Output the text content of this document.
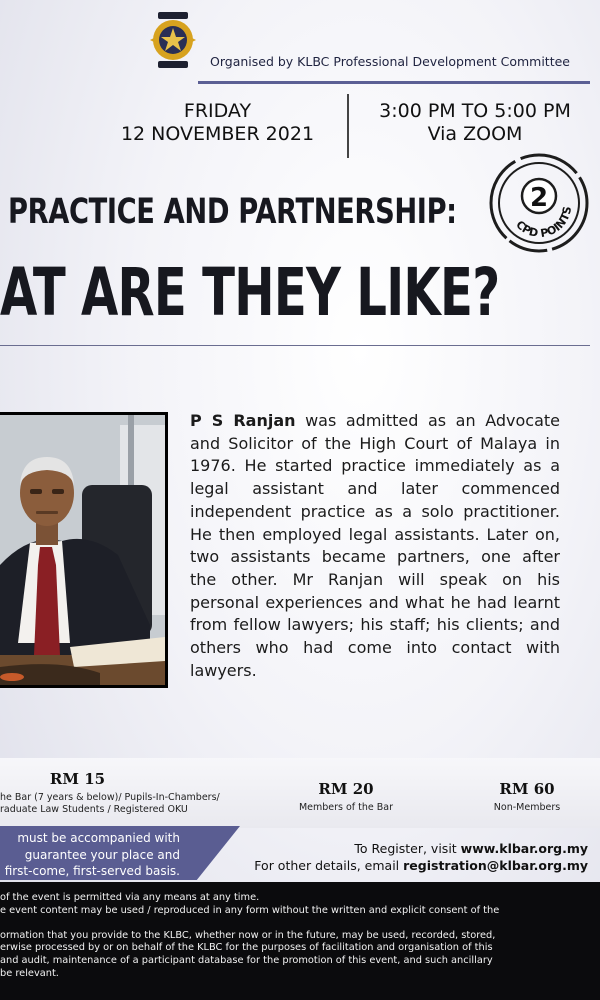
Organised by KLBC Professional Development Committee
FRIDAY
12 NOVEMBER 2021
3:00 PM TO 5:00 PM
Via ZOOM
2
CPD POINTS
PRACTICE AND PARTNERSHIP:
AT ARE THEY LIKE?
P S Ranjan was admitted as an Advocate and Solicitor of the High Court of Malaya in 1976. He started practice immediately as a legal assistant and later commenced independent practice as a solo practitioner. He then employed legal assistants. Later on, two assistants became partners, one after the other. Mr Ranjan will speak on his personal experiences and what he had learnt from fellow lawyers; his staff; his clients; and others who had come into contact with lawyers.
RM 15
he Bar (7 years & below)/ Pupils-In-Chambers/
raduate Law Students / Registered OKU
RM 20
Members of the Bar
RM 60
Non-Members
must be accompanied with
guarantee your place and
first-come, first-served basis.
To Register, visit www.klbar.org.my
For other details, email registration@klbar.org.my
of the event is permitted via any means at any time.
e event content may be used / reproduced in any form without the written and explicit consent of the
ormation that you provide to the KLBC, whether now or in the future, may be used, recorded, stored,
erwise processed by or on behalf of the KLBC for the purposes of facilitation and organisation of this
and audit, maintenance of a participant database for the promotion of this event, and such ancillary
be relevant.
